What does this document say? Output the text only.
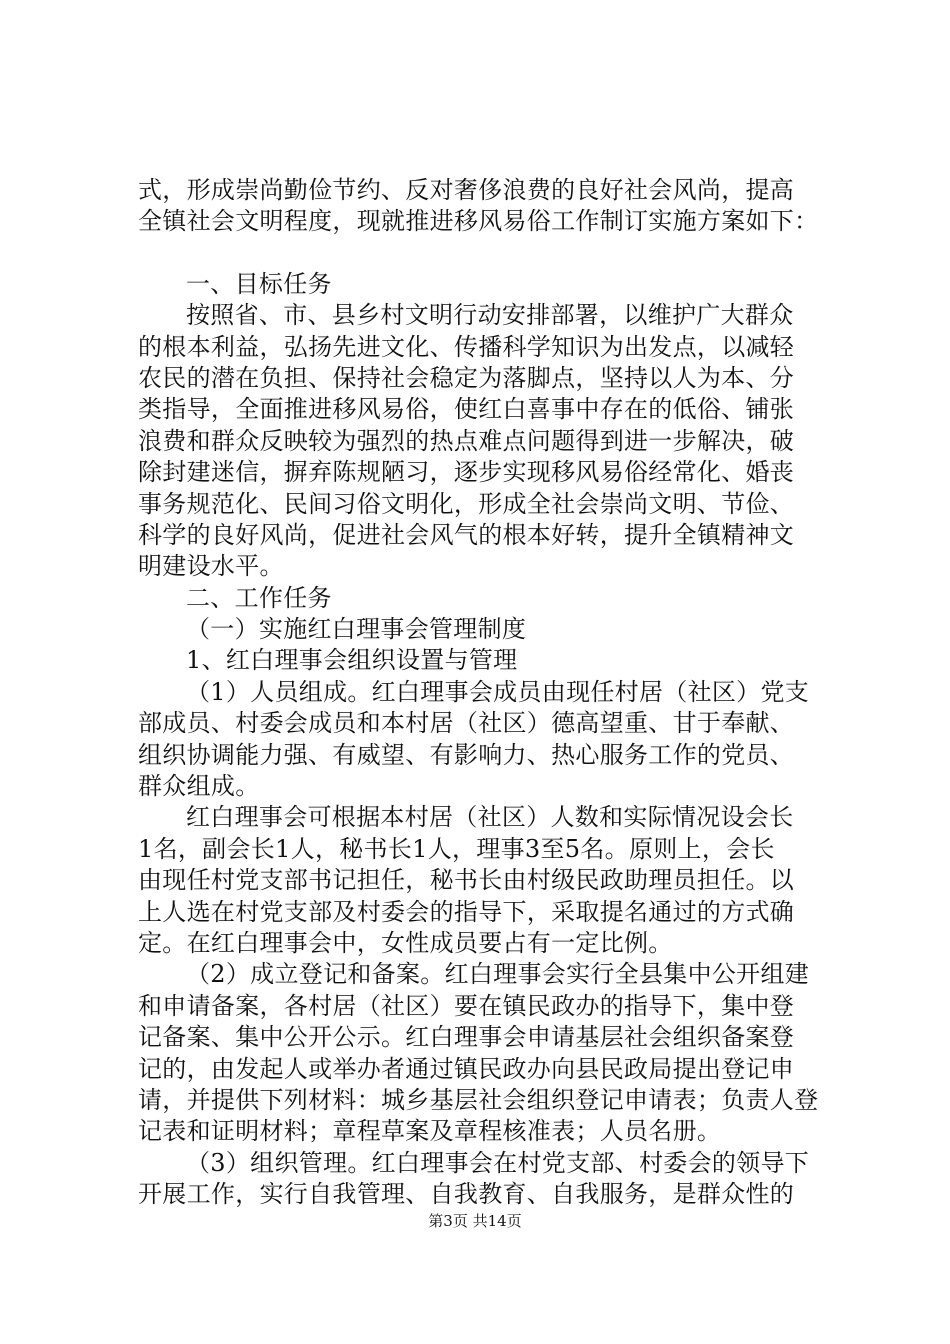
式，形成崇尚勤俭节约、反对奢侈浪费的良好社会风尚，提高
全镇社会文明程度，现就推进移风易俗工作制订实施方案如下：
一、目标任务
按照省、市、县乡村文明行动安排部署，以维护广大群众
的根本利益，弘扬先进文化、传播科学知识为出发点，以减轻
农民的潜在负担、保持社会稳定为落脚点，坚持以人为本、分
类指导，全面推进移风易俗，使红白喜事中存在的低俗、铺张
浪费和群众反映较为强烈的热点难点问题得到进一步解决，破
除封建迷信，摒弃陈规陋习，逐步实现移风易俗经常化、婚丧
事务规范化、民间习俗文明化，形成全社会崇尚文明、节俭、
科学的良好风尚，促进社会风气的根本好转，提升全镇精神文
明建设水平。
二、工作任务
（一）实施红白理事会管理制度
1、红白理事会组织设置与管理
（1）人员组成。红白理事会成员由现任村居（社区）党支
部成员、村委会成员和本村居（社区）德高望重、甘于奉献、
组织协调能力强、有威望、有影响力、热心服务工作的党员、
群众组成。
红白理事会可根据本村居（社区）人数和实际情况设会长
1名，副会长1人，秘书长1人，理事3至5名。原则上，会长
由现任村党支部书记担任，秘书长由村级民政助理员担任。以
上人选在村党支部及村委会的指导下，采取提名通过的方式确
定。在红白理事会中，女性成员要占有一定比例。
（2）成立登记和备案。红白理事会实行全县集中公开组建
和申请备案，各村居（社区）要在镇民政办的指导下，集中登
记备案、集中公开公示。红白理事会申请基层社会组织备案登
记的，由发起人或举办者通过镇民政办向县民政局提出登记申
请，并提供下列材料：城乡基层社会组织登记申请表；负责人登
记表和证明材料；章程草案及章程核准表；人员名册。
（3）组织管理。红白理事会在村党支部、村委会的领导下
开展工作，实行自我管理、自我教育、自我服务，是群众性的
第3页 共14页
